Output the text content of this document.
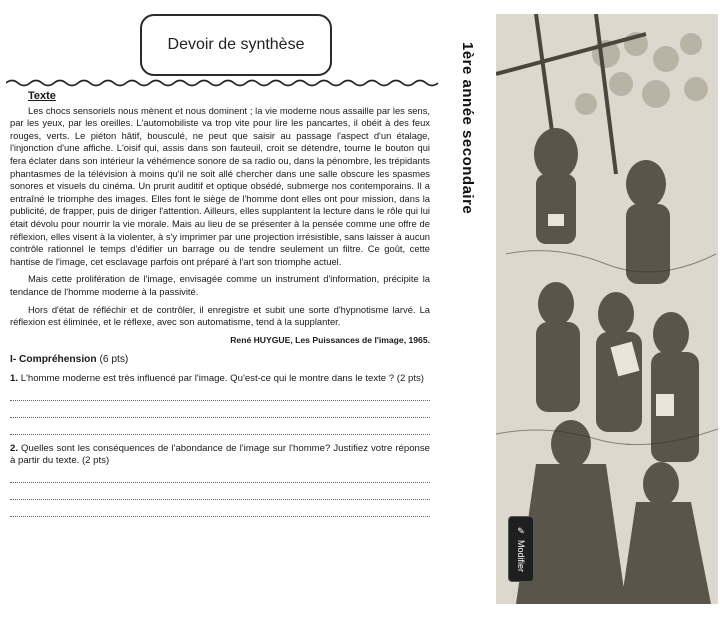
Devoir de synthèse
Texte

Les chocs sensoriels nous mènent et nous dominent ; la vie moderne nous assaille par les sens, par les yeux, par les oreilles. L'automobiliste va trop vite pour lire les pancartes, il obéit à des feux rouges, verts. Le piéton hâtif, bousculé, ne peut que saisir au passage l'aspect d'un étalage, l'injonction d'une affiche. L'oisif qui, assis dans son fauteuil, croit se détendre, tourne le bouton qui fera éclater dans son intérieur la véhémence sonore de sa radio ou, dans la pénombre, les trépidants phantasmes de la télévision à moins qu'il ne soit allé chercher dans une salle obscure les spasmes sonores et visuels du cinéma. Un prurit auditif et optique obsédé, submerge nos contemporains. Il a entraîné le triomphe des images. Elles font le siège de l'homme dont elles ont pour mission, dans la publicité, de frapper, puis de diriger l'attention. Ailleurs, elles supplantent la lecture dans le rôle qui lui était dévolu pour nourrir la vie morale. Mais au lieu de se présenter à la pensée comme une offre de réflexion, elles visent à la violenter, à s'y imprimer par une projection irrésistible, sans laisser à aucun contrôle rationnel le temps d'édifier un barrage ou de tendre seulement un filtre. Ce goût, cette hantise de l'image, cet esclavage parfois ont préparé à l'art son triomphe actuel.

Mais cette prolifération de l'image, envisagée comme un instrument d'information, précipite la tendance de l'homme moderne à la passivité.

Hors d'état de réfléchir et de contrôler, il enregistre et subit une sorte d'hypnotisme larvé. La réflexion est éliminée, et le réflexe, avec son automatisme, tend à la supplanter.

René HUYGUE, Les Puissances de l'image, 1965.
I- Compréhension (6 pts)
1. L'homme moderne est très influencé par l'image. Qu'est-ce qui le montre dans le texte ? (2 pts)
2. Quelles sont les conséquences de l'abondance de l'image sur l'homme? Justifiez votre réponse à partir du texte. (2 pts)
1ère année secondaire
✎
Modifier
